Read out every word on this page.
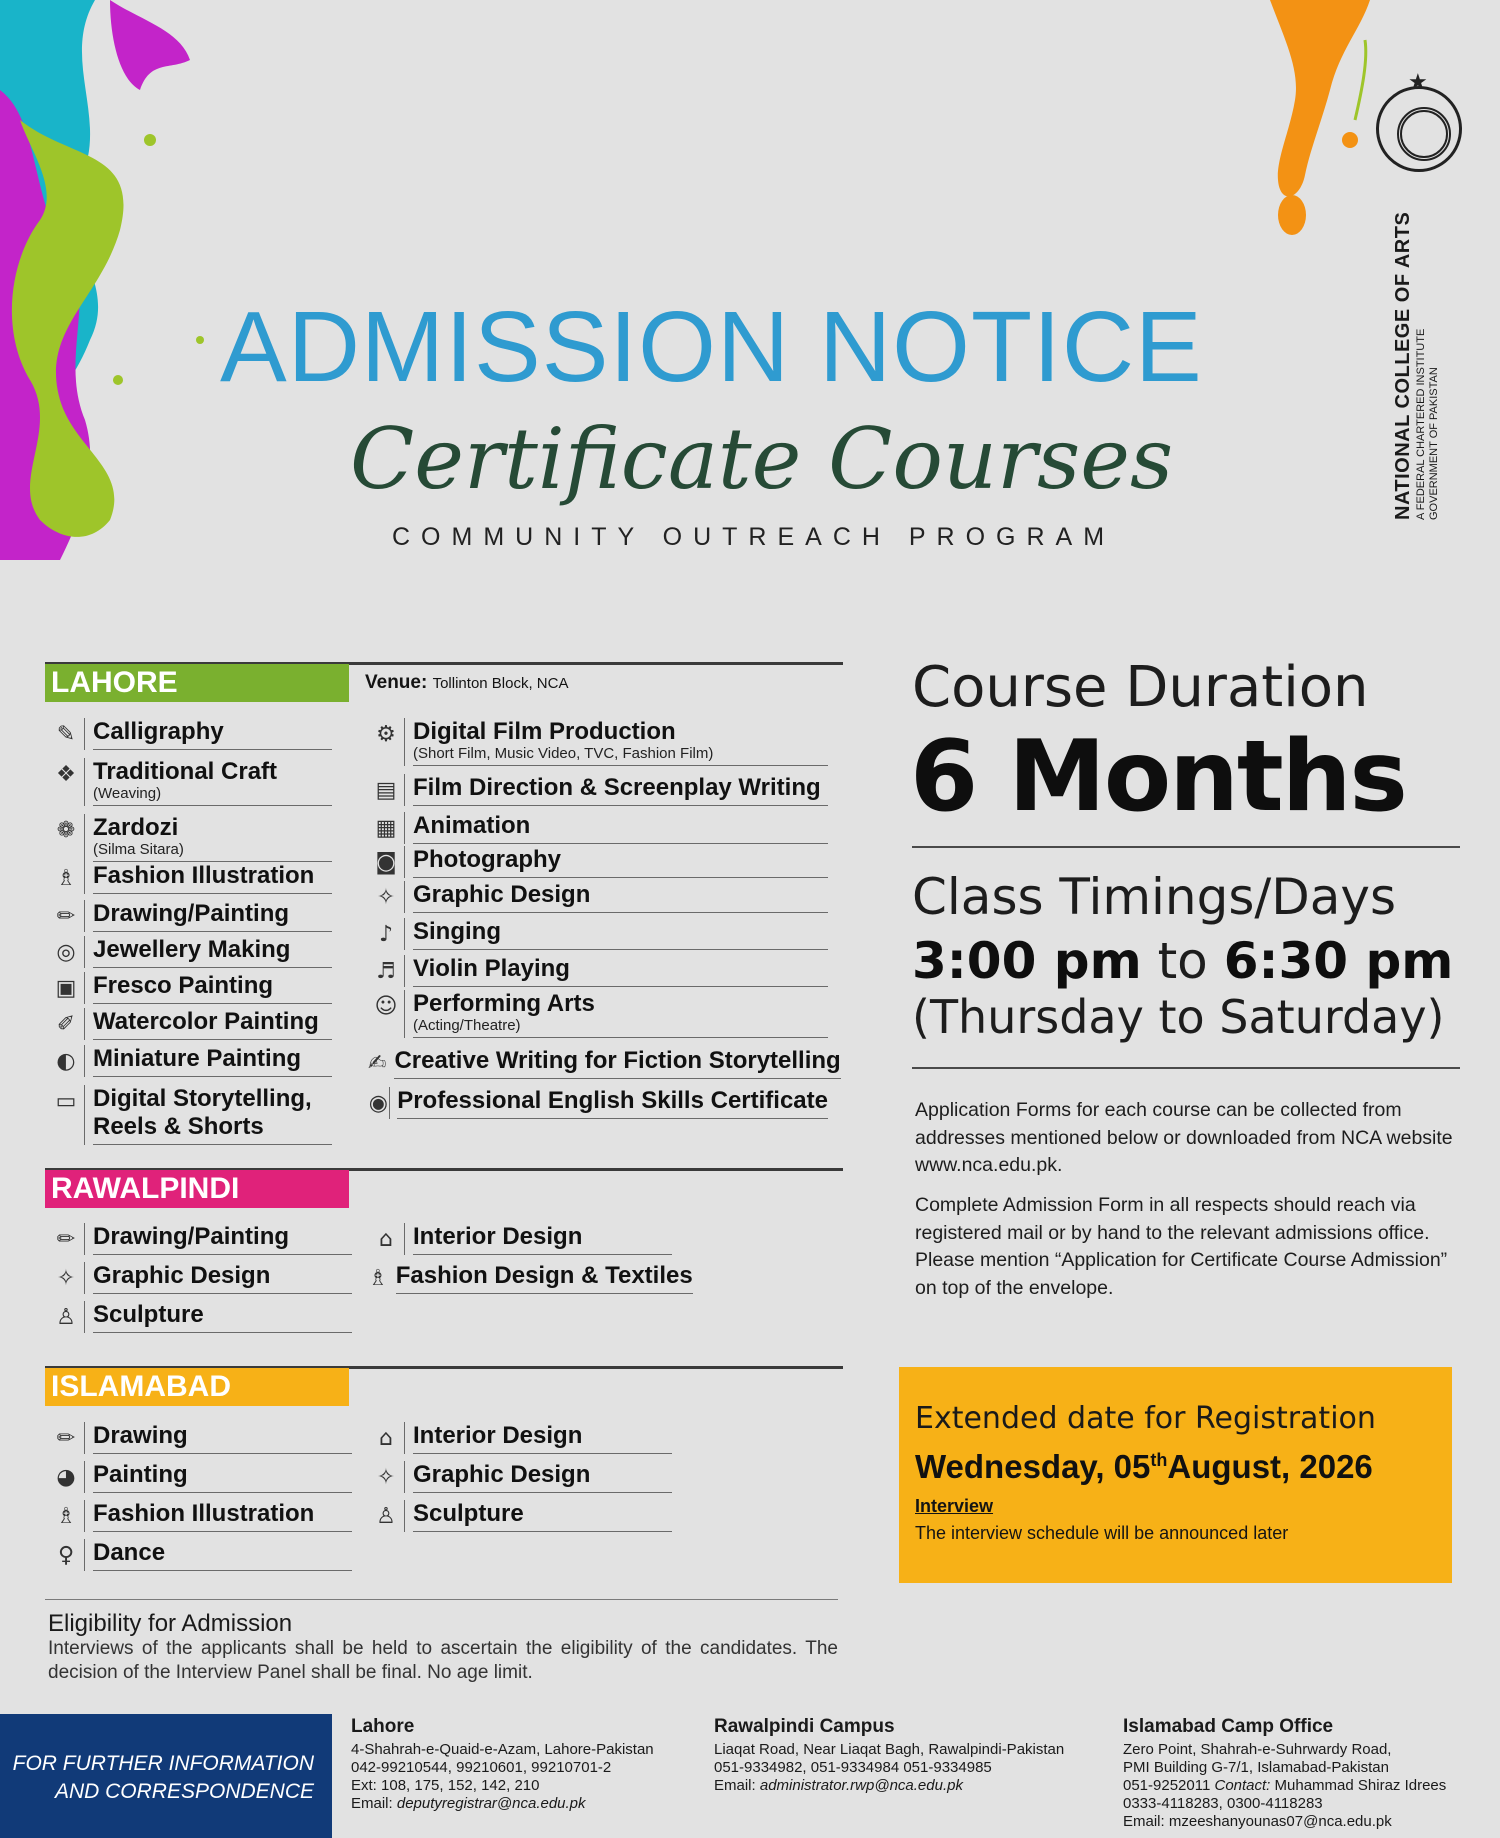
★
NATIONAL COLLEGE OF ARTS A FEDERAL CHARTERED INSTITUTE GOVERNMENT OF PAKISTAN
ADMISSION NOTICE
Certificate Courses
COMMUNITY OUTREACH PROGRAM
LAHORE	Venue: Tollinton Block, NCA
✎ Calligraphy
❖ Traditional Craft
(Weaving)
❁ Zardozi
(Silma Sitara)
♗ Fashion Illustration
✏ Drawing/Painting
◎ Jewellery Making
▣ Fresco Painting
✐ Watercolor Painting
◐ Miniature Painting
▭ Digital Storytelling,
Reels & Shorts
⚙ Digital Film Production
(Short Film, Music Video, TVC, Fashion Film)
▤ Film Direction & Screenplay Writing
▦ Animation
◙ Photography
✧ Graphic Design
♪ Singing
♬ Violin Playing
☺ Performing Arts
(Acting/Theatre)
✍ Creative Writing for Fiction Storytelling
◉ Professional English Skills Certificate
RAWALPINDI
✏ Drawing/Painting
✧ Graphic Design
♙ Sculpture
⌂ Interior Design
♗ Fashion Design & Textiles
ISLAMABAD
✏ Drawing
◕ Painting
♗ Fashion Illustration
♀ Dance
⌂ Interior Design
✧ Graphic Design
♙ Sculpture
Course Duration
6 Months
Class Timings/Days
3:00 pm to 6:30 pm
(Thursday to Saturday)
Application Forms for each course can be collected from addresses mentioned below or downloaded from NCA website www.nca.edu.pk.
Complete Admission Form in all respects should reach via registered mail or by hand to the relevant admissions office. Please mention “Application for Certificate Course Admission” on top of the envelope.
Extended date for Registration
Wednesday, 05thAugust, 2026
Interview
The interview schedule will be announced later
Eligibility for Admission
Interviews of the applicants shall be held to ascertain the eligibility of the candidates. The decision of the Interview Panel shall be final. No age limit.
FOR FURTHER INFORMATION
AND CORRESPONDENCE
Lahore
4-Shahrah-e-Quaid-e-Azam, Lahore-Pakistan
042-99210544, 99210601, 99210701-2
Ext: 108, 175, 152, 142, 210
Email: deputyregistrar@nca.edu.pk
Rawalpindi Campus
Liaqat Road, Near Liaqat Bagh, Rawalpindi-Pakistan
051-9334982, 051-9334984 051-9334985
Email: administrator.rwp@nca.edu.pk
Islamabad Camp Office
Zero Point, Shahrah-e-Suhrwardy Road,
PMI Building G-7/1, Islamabad-Pakistan
051-9252011 Contact: Muhammad Shiraz Idrees
0333-4118283, 0300-4118283
Email: mzeeshanyounas07@nca.edu.pk
